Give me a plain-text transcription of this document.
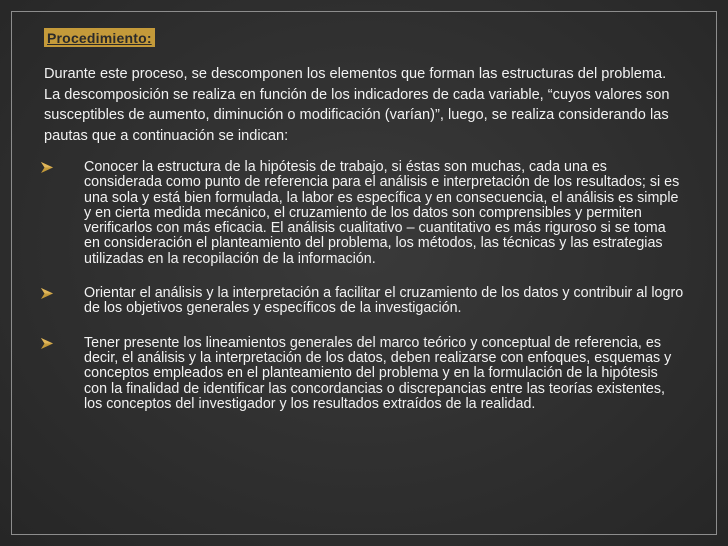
Procedimiento:
Durante este proceso, se descomponen los elementos que forman las estructuras del problema. La descomposición se realiza en función de los indicadores de cada variable, “cuyos valores son susceptibles de aumento, diminución o modificación (varían)”, luego, se realiza considerando las pautas que a continuación se indican:
Conocer la estructura de la hipótesis de trabajo, si éstas son muchas, cada una es considerada como punto de referencia para el análisis e interpretación de los resultados; si es una sola y está bien formulada, la labor es específica y en consecuencia, el análisis es simple y en cierta medida mecánico, el cruzamiento de los datos son comprensibles y permiten verificarlos con más eficacia. El análisis cualitativo – cuantitativo es más riguroso si se toma en consideración el planteamiento del problema, los métodos, las técnicas y las estrategias utilizadas en la recopilación de la información.
Orientar el análisis y la interpretación a facilitar el cruzamiento de los datos y contribuir al logro de los objetivos generales y específicos de la investigación.
Tener presente los lineamientos generales del marco teórico y conceptual de referencia, es decir, el análisis y la interpretación de los datos, deben realizarse con enfoques, esquemas y conceptos empleados en el planteamiento del problema y en la formulación de la hipótesis con la finalidad de identificar las concordancias o discrepancias entre las teorías existentes, los conceptos del investigador y los resultados extraídos de la realidad.
